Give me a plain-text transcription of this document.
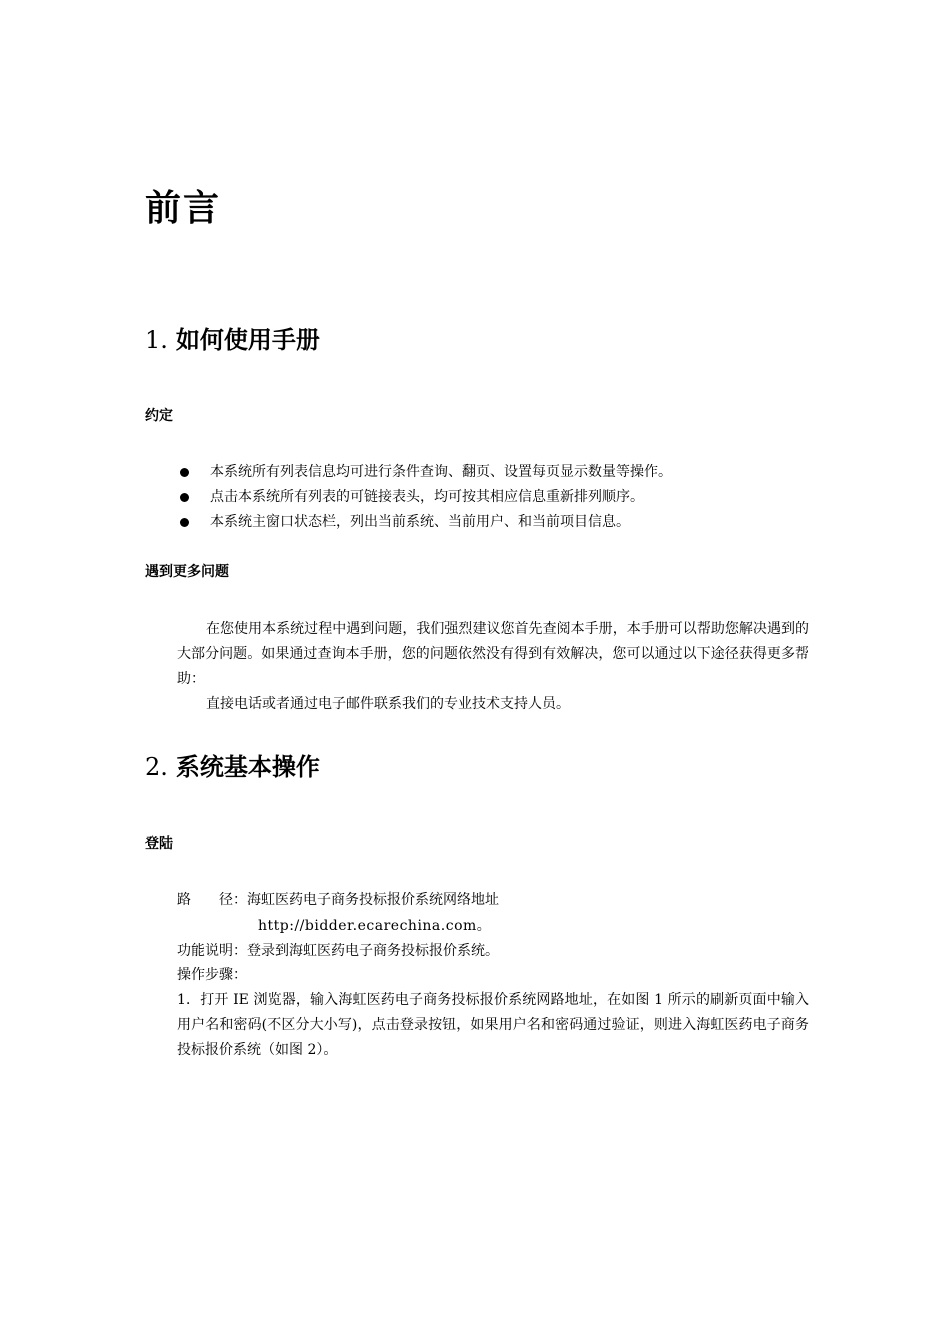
前言
1. 如何使用手册
约定
本系统所有列表信息均可进行条件查询、翻页、设置每页显示数量等操作。
点击本系统所有列表的可链接表头，均可按其相应信息重新排列顺序。
本系统主窗口状态栏，列出当前系统、当前用户、和当前项目信息。
遇到更多问题

在您使用本系统过程中遇到问题，我们强烈建议您首先查阅本手册，本手册可以帮助您解决遇到的大部分问题。如果通过查询本手册，您的问题依然没有得到有效解决，您可以通过以下途径获得更多帮助：

直接电话或者通过电子邮件联系我们的专业技术支持人员。

2. 系统基本操作
登陆

路　　径：海虹医药电子商务投标报价系统网络地址

http://bidder.ecarechina.com。

功能说明：登录到海虹医药电子商务投标报价系统。

操作步骤：

1．打开 IE 浏览器，输入海虹医药电子商务投标报价系统网路地址，在如图 1 所示的刷新页面中输入用户名和密码(不区分大小写)，点击登录按钮，如果用户名和密码通过验证，则进入海虹医药电子商务投标报价系统（如图 2）。
